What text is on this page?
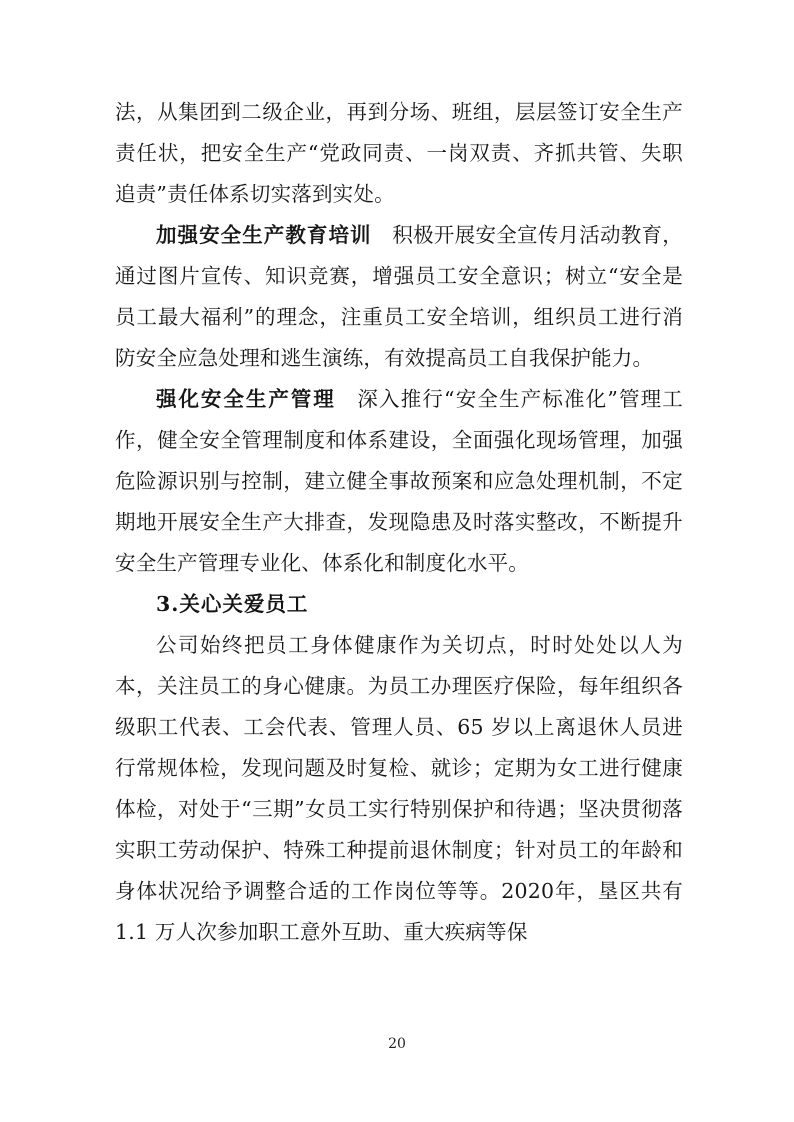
法，从集团到二级企业，再到分场、班组，层层签订安全生产责任状，把安全生产“党政同责、一岗双责、齐抓共管、失职追责”责任体系切实落到实处。

加强安全生产教育培训　 积极开展安全宣传月活动教育，通过图片宣传、知识竞赛，增强员工安全意识；树立“安全是员工最大福利”的理念，注重员工安全培训，组织员工进行消防安全应急处理和逃生演练，有效提高员工自我保护能力。

强化安全生产管理　 深入推行“安全生产标准化”管理工作，健全安全管理制度和体系建设，全面强化现场管理，加强危险源识别与控制，建立健全事故预案和应急处理机制，不定期地开展安全生产大排查，发现隐患及时落实整改，不断提升安全生产管理专业化、体系化和制度化水平。

3.关心关爱员工

公司始终把员工身体健康作为关切点，时时处处以人为本，关注员工的身心健康。为员工办理医疗保险，每年组织各级职工代表、工会代表、管理人员、65 岁以上离退休人员进行常规体检，发现问题及时复检、就诊；定期为女工进行健康体检，对处于“三期”女员工实行特别保护和待遇；坚决贯彻落实职工劳动保护、特殊工种提前退休制度；针对员工的年龄和身体状况给予调整合适的工作岗位等等。2020年，垦区共有 1.1 万人次参加职工意外互助、重大疾病等保

20
